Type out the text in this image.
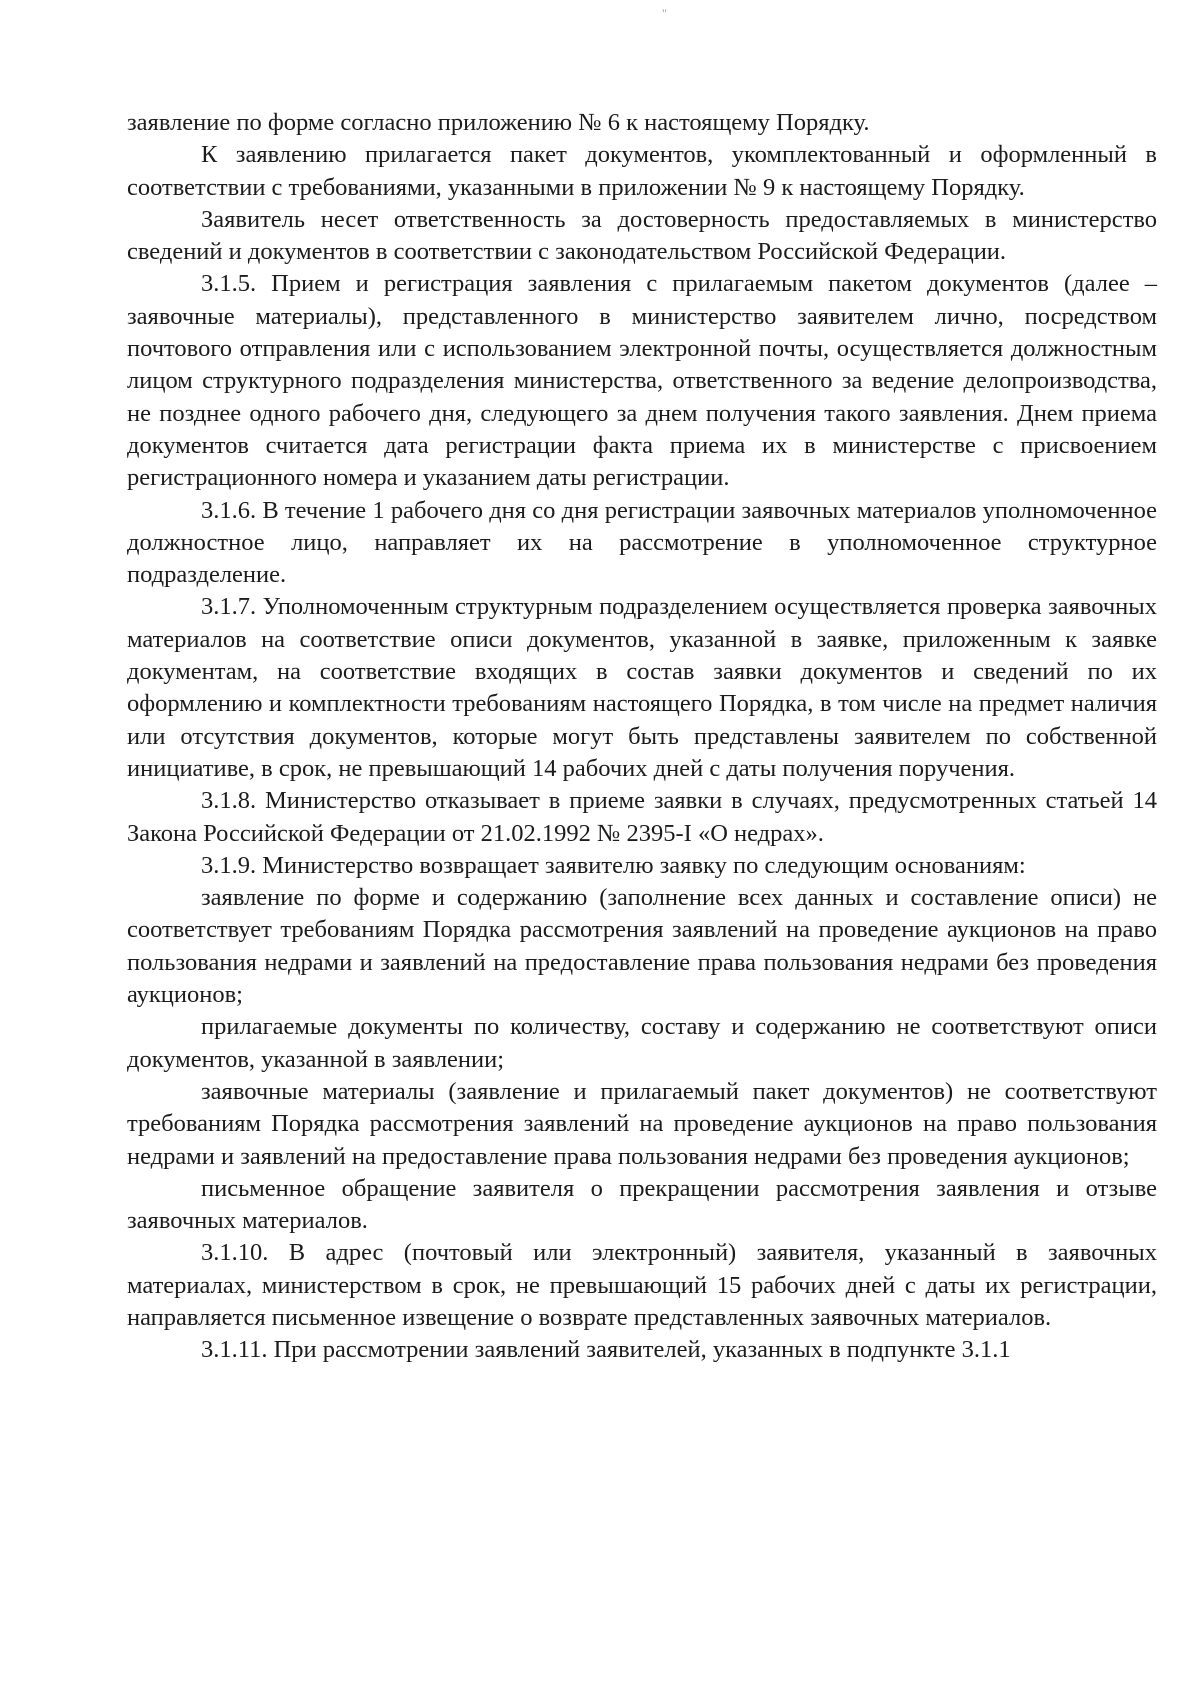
"

заявление по форме согласно приложению № 6 к настоящему Порядку.

К заявлению прилагается пакет документов, укомплектованный и оформленный в соответствии с требованиями, указанными в приложении № 9 к настоящему Порядку.

Заявитель несет ответственность за достоверность предоставляемых в министерство сведений и документов в соответствии с законодательством Российской Федерации.

3.1.5. Прием и регистрация заявления с прилагаемым пакетом документов (далее – заявочные материалы), представленного в министерство заявителем лично, посредством почтового отправления или с использованием электронной почты, осуществляется должностным лицом структурного подразделения министерства, ответственного за ведение делопроизводства, не позднее одного рабочего дня, следующего за днем получения такого заявления. Днем приема документов считается дата регистрации факта приема их в министерстве с присвоением регистрационного номера и указанием даты регистрации.

3.1.6. В течение 1 рабочего дня со дня регистрации заявочных материалов уполномоченное должностное лицо, направляет их на рассмотрение в уполномоченное структурное подразделение.

3.1.7. Уполномоченным структурным подразделением осуществляется проверка заявочных материалов на соответствие описи документов, указанной в заявке, приложенным к заявке документам, на соответствие входящих в состав заявки документов и сведений по их оформлению и комплектности требованиям настоящего Порядка, в том числе на предмет наличия или отсутствия документов, которые могут быть представлены заявителем по собственной инициативе, в срок, не превышающий 14 рабочих дней с даты получения поручения.

3.1.8. Министерство отказывает в приеме заявки в случаях, предусмотренных статьей 14 Закона Российской Федерации от 21.02.1992 № 2395-I «О недрах».

3.1.9. Министерство возвращает заявителю заявку по следующим основаниям:

заявление по форме и содержанию (заполнение всех данных и составление описи) не соответствует требованиям Порядка рассмотрения заявлений на проведение аукционов на право пользования недрами и заявлений на предоставление права пользования недрами без проведения аукционов;

прилагаемые документы по количеству, составу и содержанию не соответствуют описи документов, указанной в заявлении;

заявочные материалы (заявление и прилагаемый пакет документов) не соответствуют требованиям Порядка рассмотрения заявлений на проведение аукционов на право пользования недрами и заявлений на предоставление права пользования недрами без проведения аукционов;

письменное обращение заявителя о прекращении рассмотрения заявления и отзыве заявочных материалов.

3.1.10. В адрес (почтовый или электронный) заявителя, указанный в заявочных материалах, министерством в срок, не превышающий 15 рабочих дней с даты их регистрации, направляется письменное извещение о возврате представленных заявочных материалов.

3.1.11. При рассмотрении заявлений заявителей, указанных в подпункте 3.1.1
